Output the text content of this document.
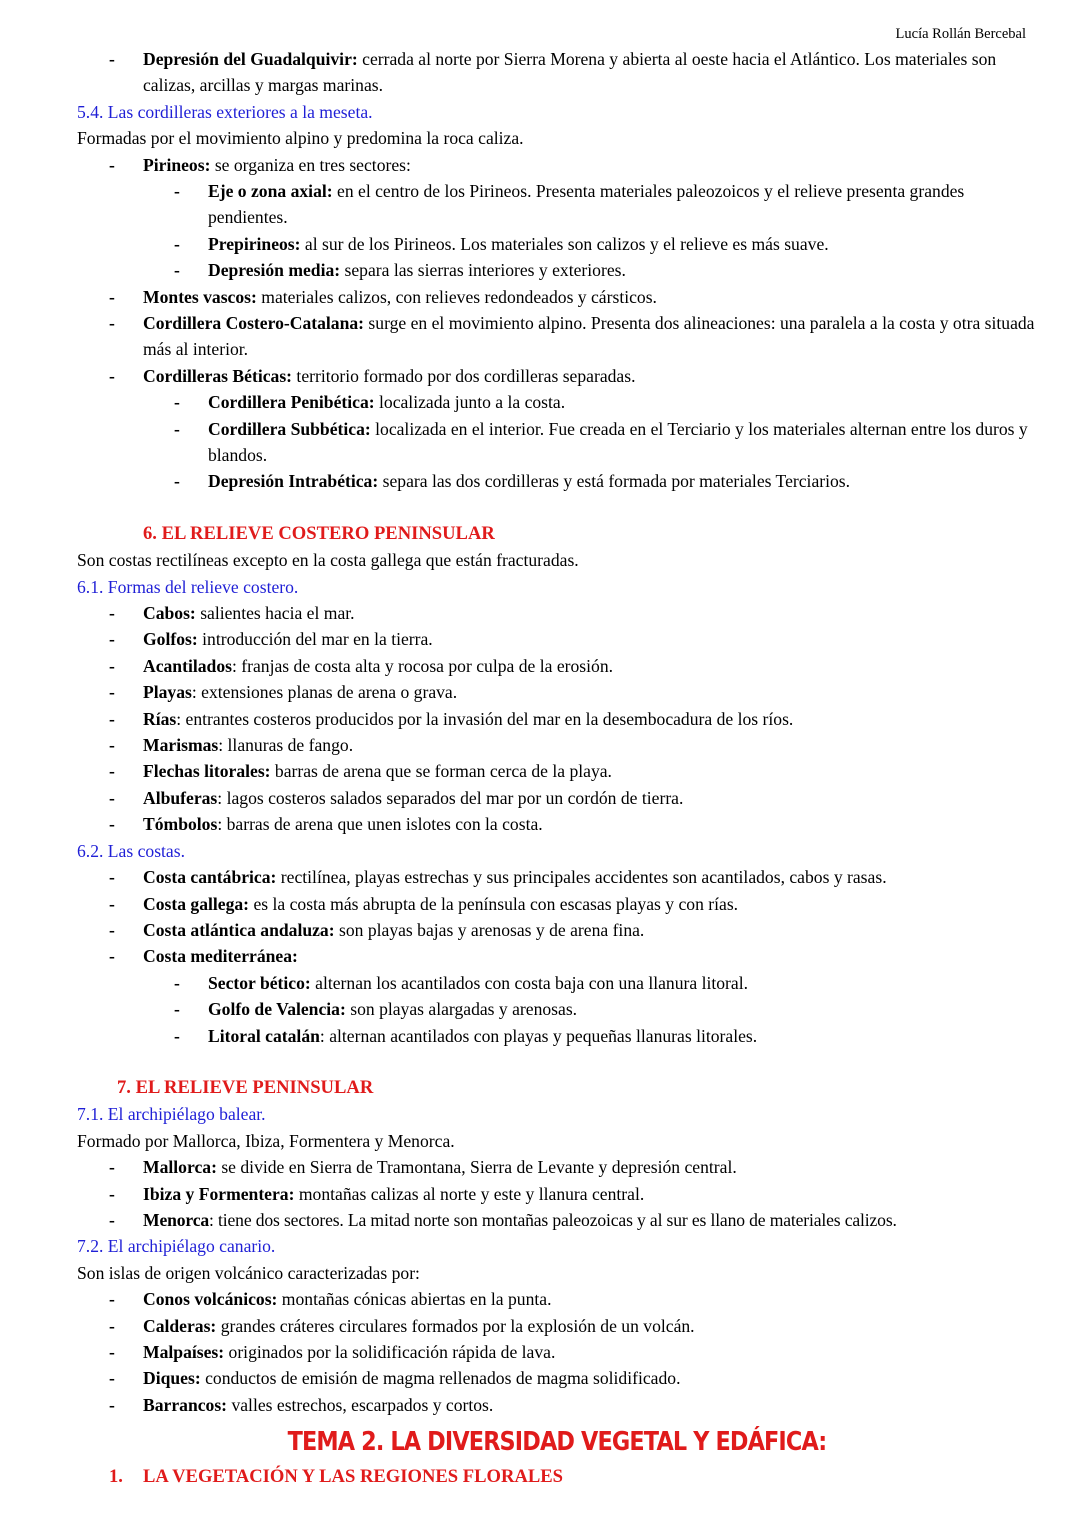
Lucía Rollán Bercebal
- Depresión del Guadalquivir: cerrada al norte por Sierra Morena y abierta al oeste hacia el Atlántico. Los materiales son calizas, arcillas y margas marinas.
5.4. Las cordilleras exteriores a la meseta.
Formadas por el movimiento alpino y predomina la roca caliza.
- Pirineos: se organiza en tres sectores:
- Eje o zona axial: en el centro de los Pirineos. Presenta materiales paleozoicos y el relieve presenta grandes pendientes.
- Prepirineos: al sur de los Pirineos. Los materiales son calizos y el relieve es más suave.
- Depresión media: separa las sierras interiores y exteriores.
- Montes vascos: materiales calizos, con relieves redondeados y cársticos.
- Cordillera Costero-Catalana: surge en el movimiento alpino. Presenta dos alineaciones: una paralela a la costa y otra situada más al interior.
- Cordilleras Béticas: territorio formado por dos cordilleras separadas.
- Cordillera Penibética: localizada junto a la costa.
- Cordillera Subbética: localizada en el interior. Fue creada en el Terciario y los materiales alternan entre los duros y blandos.
- Depresión Intrabética: separa las dos cordilleras y está formada por materiales Terciarios.
6. EL RELIEVE COSTERO PENINSULAR
Son costas rectilíneas excepto en la costa gallega que están fracturadas.
6.1. Formas del relieve costero.
- Cabos: salientes hacia el mar.
- Golfos: introducción del mar en la tierra.
- Acantilados: franjas de costa alta y rocosa por culpa de la erosión.
- Playas: extensiones planas de arena o grava.
- Rías: entrantes costeros producidos por la invasión del mar en la desembocadura de los ríos.
- Marismas: llanuras de fango.
- Flechas litorales: barras de arena que se forman cerca de la playa.
- Albuferas: lagos costeros salados separados del mar por un cordón de tierra.
- Tómbolos: barras de arena que unen islotes con la costa.
6.2. Las costas.
- Costa cantábrica: rectilínea, playas estrechas y sus principales accidentes son acantilados, cabos y rasas.
- Costa gallega: es la costa más abrupta de la península con escasas playas y con rías.
- Costa atlántica andaluza: son playas bajas y arenosas y de arena fina.
- Costa mediterránea:
- Sector bético: alternan los acantilados con costa baja con una llanura litoral.
- Golfo de Valencia: son playas alargadas y arenosas.
- Litoral catalán: alternan acantilados con playas y pequeñas llanuras litorales.
7. EL RELIEVE PENINSULAR
7.1. El archipiélago balear.
Formado por Mallorca, Ibiza, Formentera y Menorca.
- Mallorca: se divide en Sierra de Tramontana, Sierra de Levante y depresión central.
- Ibiza y Formentera: montañas calizas al norte y este y llanura central.
- Menorca: tiene dos sectores. La mitad norte son montañas paleozoicas y al sur es llano de materiales calizos.
7.2. El archipiélago canario.
Son islas de origen volcánico caracterizadas por:
- Conos volcánicos: montañas cónicas abiertas en la punta.
- Calderas: grandes cráteres circulares formados por la explosión de un volcán.
- Malpaíses: originados por la solidificación rápida de lava.
- Diques: conductos de emisión de magma rellenados de magma solidificado.
- Barrancos: valles estrechos, escarpados y cortos.
TEMA 2. LA DIVERSIDAD VEGETAL Y EDÁFICA:
1. LA VEGETACIÓN Y LAS REGIONES FLORALES
